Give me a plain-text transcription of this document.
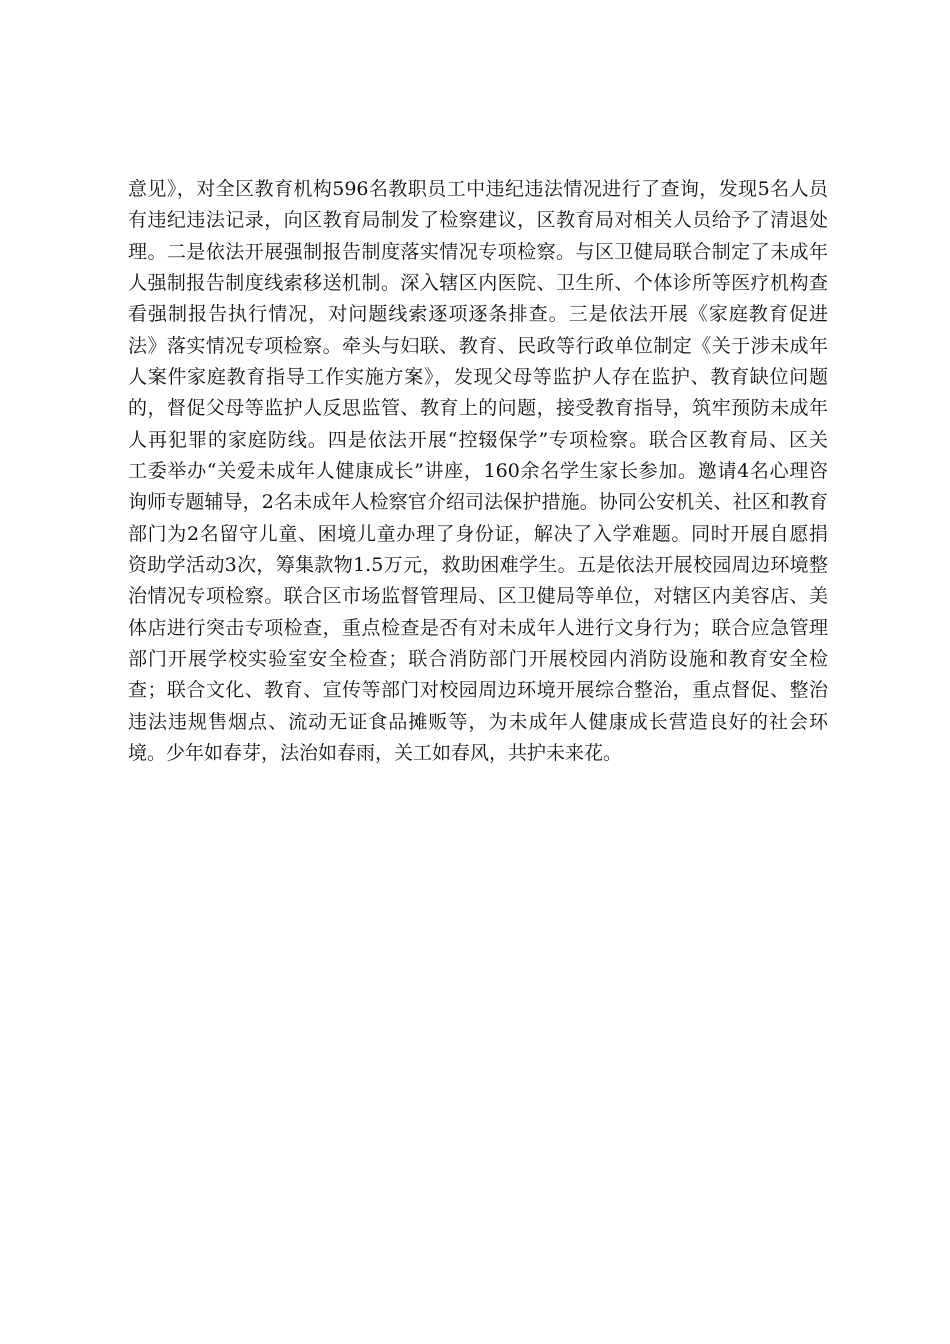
意见》，对全区教育机构596名教职员工中违纪违法情况进行了查询，发现5名人员
有违纪违法记录，向区教育局制发了检察建议，区教育局对相关人员给予了清退处
理。二是依法开展强制报告制度落实情况专项检察。与区卫健局联合制定了未成年
人强制报告制度线索移送机制。深入辖区内医院、卫生所、个体诊所等医疗机构查
看强制报告执行情况，对问题线索逐项逐条排查。三是依法开展《家庭教育促进
法》落实情况专项检察。牵头与妇联、教育、民政等行政单位制定《关于涉未成年
人案件家庭教育指导工作实施方案》，发现父母等监护人存在监护、教育缺位问题
的，督促父母等监护人反思监管、教育上的问题，接受教育指导，筑牢预防未成年
人再犯罪的家庭防线。四是依法开展“控辍保学”专项检察。联合区教育局、区关
工委举办“关爱未成年人健康成长”讲座，160余名学生家长参加。邀请4名心理咨
询师专题辅导，2名未成年人检察官介绍司法保护措施。协同公安机关、社区和教育
部门为2名留守儿童、困境儿童办理了身份证，解决了入学难题。同时开展自愿捐
资助学活动3次，筹集款物1.5万元，救助困难学生。五是依法开展校园周边环境整
治情况专项检察。联合区市场监督管理局、区卫健局等单位，对辖区内美容店、美
体店进行突击专项检查，重点检查是否有对未成年人进行文身行为；联合应急管理
部门开展学校实验室安全检查；联合消防部门开展校园内消防设施和教育安全检
查；联合文化、教育、宣传等部门对校园周边环境开展综合整治，重点督促、整治
违法违规售烟点、流动无证食品摊贩等，为未成年人健康成长营造良好的社会环
境。少年如春芽，法治如春雨，关工如春风，共护未来花。
